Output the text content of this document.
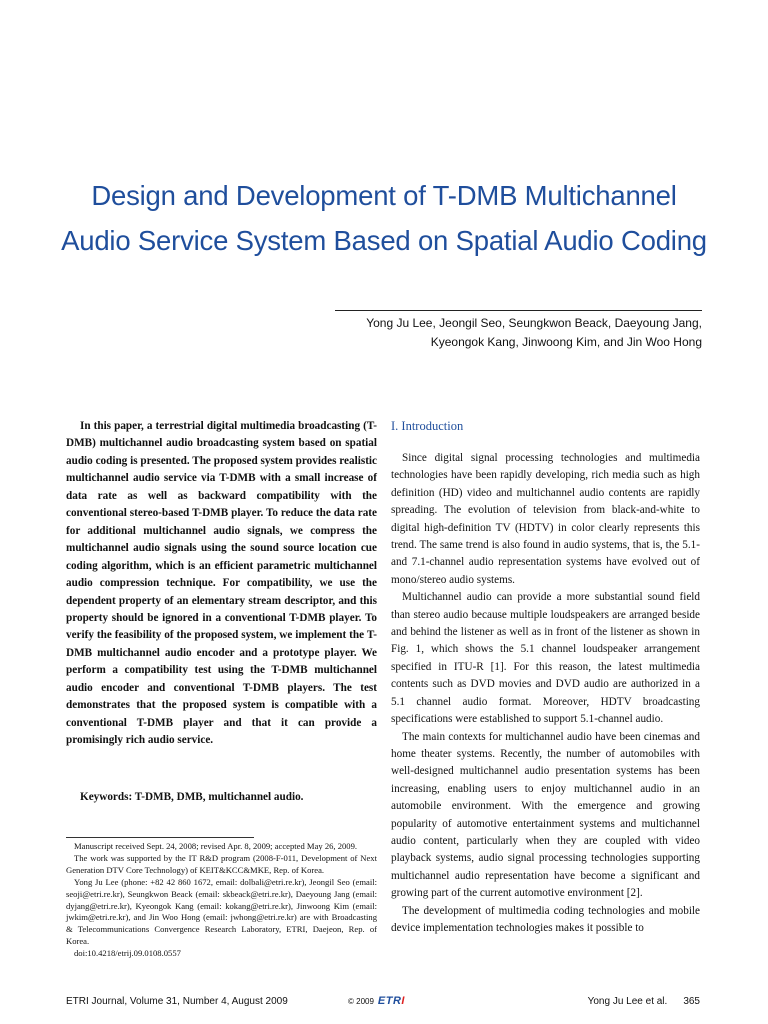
Design and Development of T-DMB Multichannel
Audio Service System Based on Spatial Audio Coding
Yong Ju Lee, Jeongil Seo, Seungkwon Beack, Daeyoung Jang,
Kyeongok Kang, Jinwoong Kim, and Jin Woo Hong

In this paper, a terrestrial digital multimedia broadcasting (T-DMB) multichannel audio broadcasting system based on spatial audio coding is presented. The proposed system provides realistic multichannel audio service via T-DMB with a small increase of data rate as well as backward compatibility with the conventional stereo-based T-DMB player. To reduce the data rate for additional multichannel audio signals, we compress the multichannel audio signals using the sound source location cue coding algorithm, which is an efficient parametric multichannel audio compression technique. For compatibility, we use the dependent property of an elementary stream descriptor, and this property should be ignored in a conventional T-DMB player. To verify the feasibility of the proposed system, we implement the T-DMB multichannel audio encoder and a prototype player. We perform a compatibility test using the T-DMB multichannel audio encoder and conventional T-DMB players. The test demonstrates that the proposed system is compatible with a conventional T-DMB player and that it can provide a promisingly rich audio service.

Keywords: T-DMB, DMB, multichannel audio.

Manuscript received Sept. 24, 2008; revised Apr. 8, 2009; accepted May 26, 2009.

The work was supported by the IT R&D program (2008-F-011, Development of Next Generation DTV Core Technology) of KEIT&KCC&MKE, Rep. of Korea.

Yong Ju Lee (phone: +82 42 860 1672, email: dolbali@etri.re.kr), Jeongil Seo (email: seoji@etri.re.kr), Seungkwon Beack (email: skbeack@etri.re.kr), Daeyoung Jang (email: dyjang@etri.re.kr), Kyeongok Kang (email: kokang@etri.re.kr), Jinwoong Kim (email: jwkim@etri.re.kr), and Jin Woo Hong (email: jwhong@etri.re.kr) are with Broadcasting & Telecommunications Convergence Research Laboratory, ETRI, Daejeon, Rep. of Korea.

doi:10.4218/etrij.09.0108.0557

I. Introduction

Since digital signal processing technologies and multimedia technologies have been rapidly developing, rich media such as high definition (HD) video and multichannel audio contents are rapidly spreading. The evolution of television from black-and-white to digital high-definition TV (HDTV) in color clearly represents this trend. The same trend is also found in audio systems, that is, the 5.1- and 7.1-channel audio representation systems have evolved out of mono/stereo audio systems.

Multichannel audio can provide a more substantial sound field than stereo audio because multiple loudspeakers are arranged beside and behind the listener as well as in front of the listener as shown in Fig. 1, which shows the 5.1 channel loudspeaker arrangement specified in ITU-R [1]. For this reason, the latest multimedia contents such as DVD movies and DVD audio are authorized in a 5.1 channel audio format. Moreover, HDTV broadcasting specifications were established to support 5.1-channel audio.

The main contexts for multichannel audio have been cinemas and home theater systems. Recently, the number of automobiles with well-designed multichannel audio presentation systems has been increasing, enabling users to enjoy multichannel audio in an automobile environment. With the emergence and growing popularity of automotive entertainment systems and multichannel audio content, particularly when they are coupled with video playback systems, audio signal processing technologies supporting multichannel audio representation have become a significant and growing part of the current automotive environment [2].

The development of multimedia coding technologies and mobile device implementation technologies makes it possible to

ETRI Journal, Volume 31, Number 4, August 2009	© 2009 ETRI	Yong Ju Lee et al. 365
